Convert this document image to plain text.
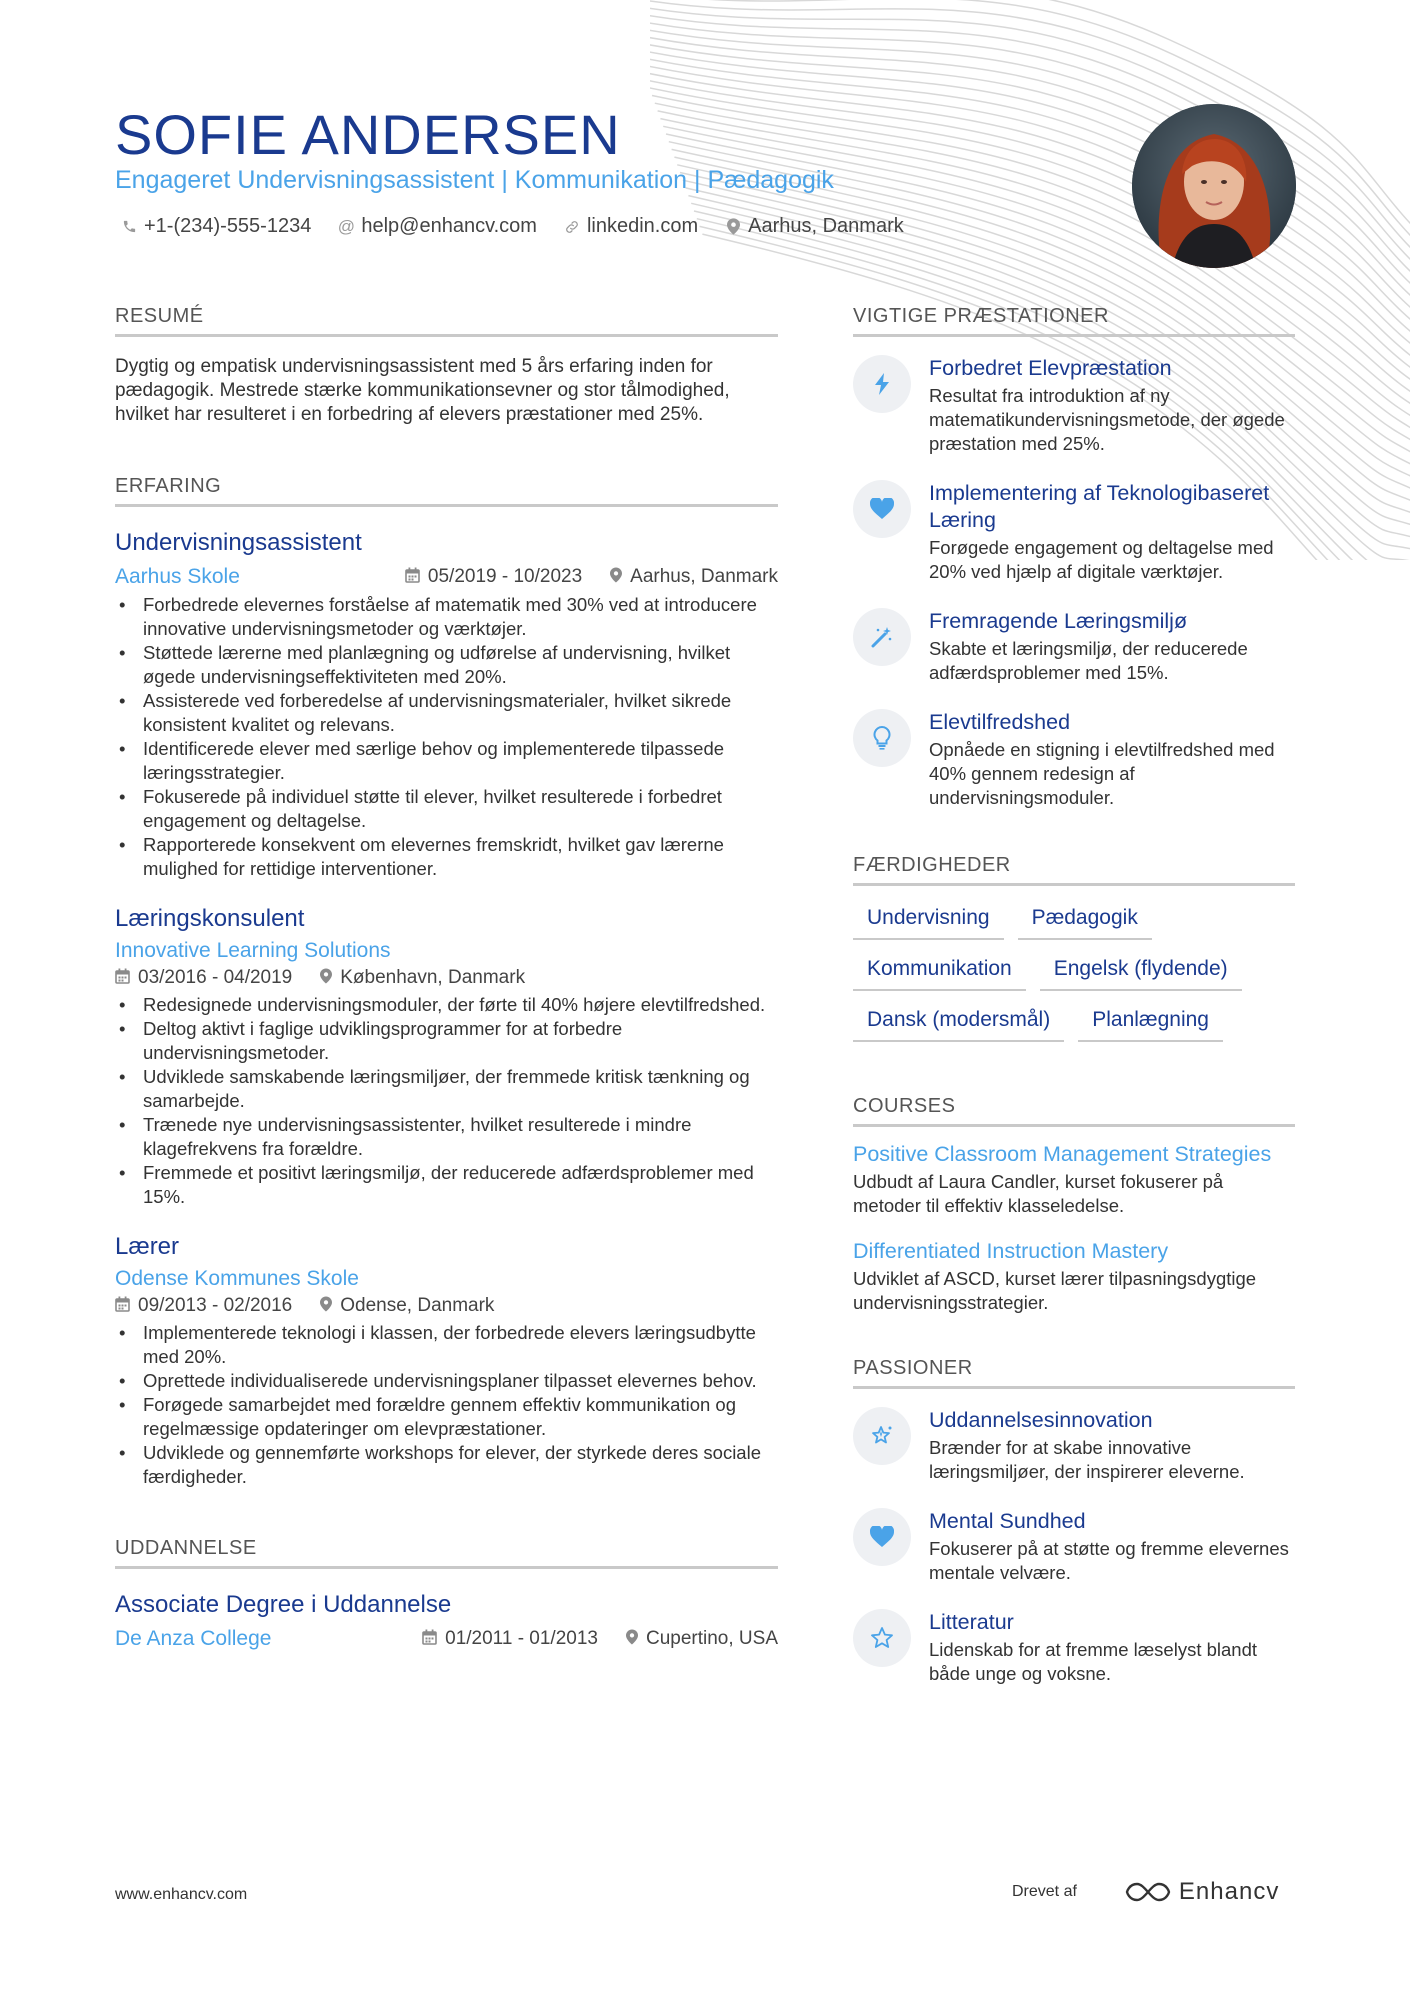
SOFIE ANDERSEN
Engageret Undervisningsassistent | Kommunikation | Pædagogik
+1-(234)-555-1234 @ help@enhancv.com	linkedin.com	Aarhus, Danmark
RESUMÉ

Dygtig og empatisk undervisningsassistent med 5 års erfaring inden for pædagogik. Mestrede stærke kommunikationsevner og stor tålmodighed, hvilket har resulteret i en forbedring af elevers præstationer med 25%.

ERFARING
Undervisningsassistent
Aarhus Skole	05/2019 - 10/2023	Aarhus, Danmark
• Forbedrede elevernes forståelse af matematik med 30% ved at introducere innovative undervisningsmetoder og værktøjer.
• Støttede lærerne med planlægning og udførelse af undervisning, hvilket øgede undervisningseffektiviteten med 20%.
• Assisterede ved forberedelse af undervisningsmaterialer, hvilket sikrede konsistent kvalitet og relevans.
• Identificerede elever med særlige behov og implementerede tilpassede læringsstrategier.
• Fokuserede på individuel støtte til elever, hvilket resulterede i forbedret engagement og deltagelse.
• Rapporterede konsekvent om elevernes fremskridt, hvilket gav lærerne mulighed for rettidige interventioner.
Læringskonsulent
Innovative Learning Solutions
03/2016 - 04/2019	København, Danmark
• Redesignede undervisningsmoduler, der førte til 40% højere elevtilfredshed.
• Deltog aktivt i faglige udviklingsprogrammer for at forbedre undervisningsmetoder.
• Udviklede samskabende læringsmiljøer, der fremmede kritisk tænkning og samarbejde.
• Trænede nye undervisningsassistenter, hvilket resulterede i mindre klagefrekvens fra forældre.
• Fremmede et positivt læringsmiljø, der reducerede adfærdsproblemer med 15%.
Lærer
Odense Kommunes Skole
09/2013 - 02/2016	Odense, Danmark
• Implementerede teknologi i klassen, der forbedrede elevers læringsudbytte med 20%.
• Oprettede individualiserede undervisningsplaner tilpasset elevernes behov.
• Forøgede samarbejdet med forældre gennem effektiv kommunikation og regelmæssige opdateringer om elevpræstationer.
• Udviklede og gennemførte workshops for elever, der styrkede deres sociale færdigheder.
UDDANNELSE
Associate Degree i Uddannelse
De Anza College	01/2011 - 01/2013	Cupertino, USA
VIGTIGE PRÆSTATIONER
Forbedret Elevpræstation
Resultat fra introduktion af ny matematikundervisningsmetode, der øgede præstation med 25%.
Implementering af Teknologibaseret Læring
Forøgede engagement og deltagelse med 20% ved hjælp af digitale værktøjer.
Fremragende Læringsmiljø
Skabte et læringsmiljø, der reducerede adfærdsproblemer med 15%.
Elevtilfredshed
Opnåede en stigning i elevtilfredshed med 40% gennem redesign af undervisningsmoduler.
FÆRDIGHEDER
Undervisning	Pædagogik
Kommunikation	Engelsk (flydende)
Dansk (modersmål)	Planlægning
COURSES
Positive Classroom Management Strategies
Udbudt af Laura Candler, kurset fokuserer på metoder til effektiv klasseledelse.
Differentiated Instruction Mastery
Udviklet af ASCD, kurset lærer tilpasningsdygtige undervisningsstrategier.
PASSIONER
Uddannelsesinnovation
Brænder for at skabe innovative læringsmiljøer, der inspirerer eleverne.
Mental Sundhed
Fokuserer på at støtte og fremme elevernes mentale velvære.
Litteratur
Lidenskab for at fremme læselyst blandt både unge og voksne.
www.enhancv.com	Drevet af	Enhancv
